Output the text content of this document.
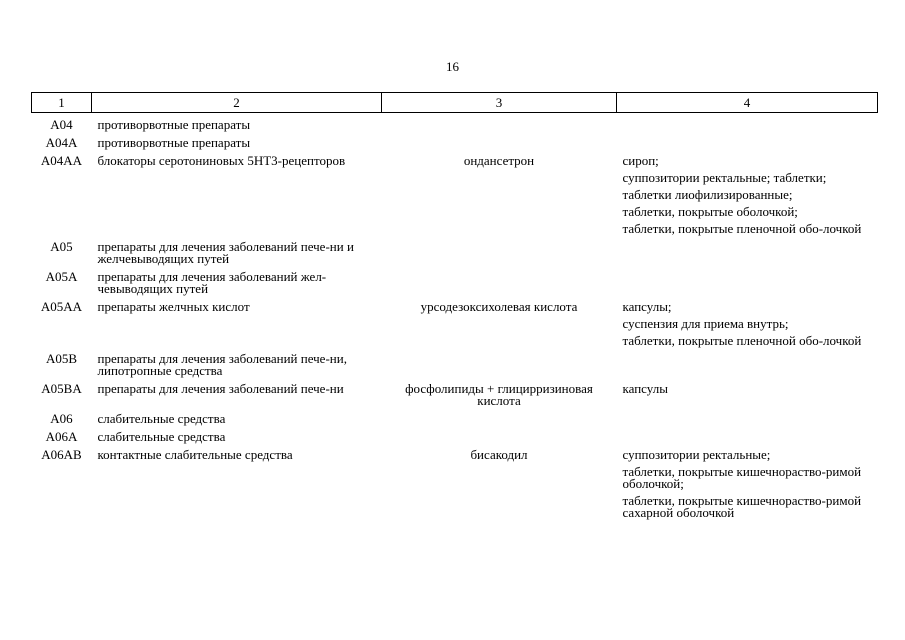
16
1	2	3	4
A04	противорвотные препараты		
A04A	противорвотные препараты		
A04AA	блокаторы серотониновых 5HT3-рецепторов	ондансетрон	сироп;
суппозитории ректальные; таблетки;
таблетки лиофилизированные;
таблетки, покрытые оболочкой;
таблетки, покрытые пленочной обо-лочкой

A05	препараты для лечения заболеваний пече-ни и желчевыводящих путей		
A05A	препараты для лечения заболеваний жел-чевыводящих путей		
A05AA	препараты желчных кислот	урсодезоксихолевая кислота	капсулы;
суспензия для приема внутрь;
таблетки, покрытые пленочной обо-лочкой

A05B	препараты для лечения заболеваний пече-ни, липотропные средства		
A05BA	препараты для лечения заболеваний пече-ни	фосфолипиды + глицирризиновая кислота	капсулы

A06	слабительные средства		
A06A	слабительные средства		
A06AB	контактные слабительные средства	бисакодил	суппозитории ректальные;
таблетки, покрытые кишечнораство-римой оболочкой;
таблетки, покрытые кишечнораство-римой сахарной оболочкой
